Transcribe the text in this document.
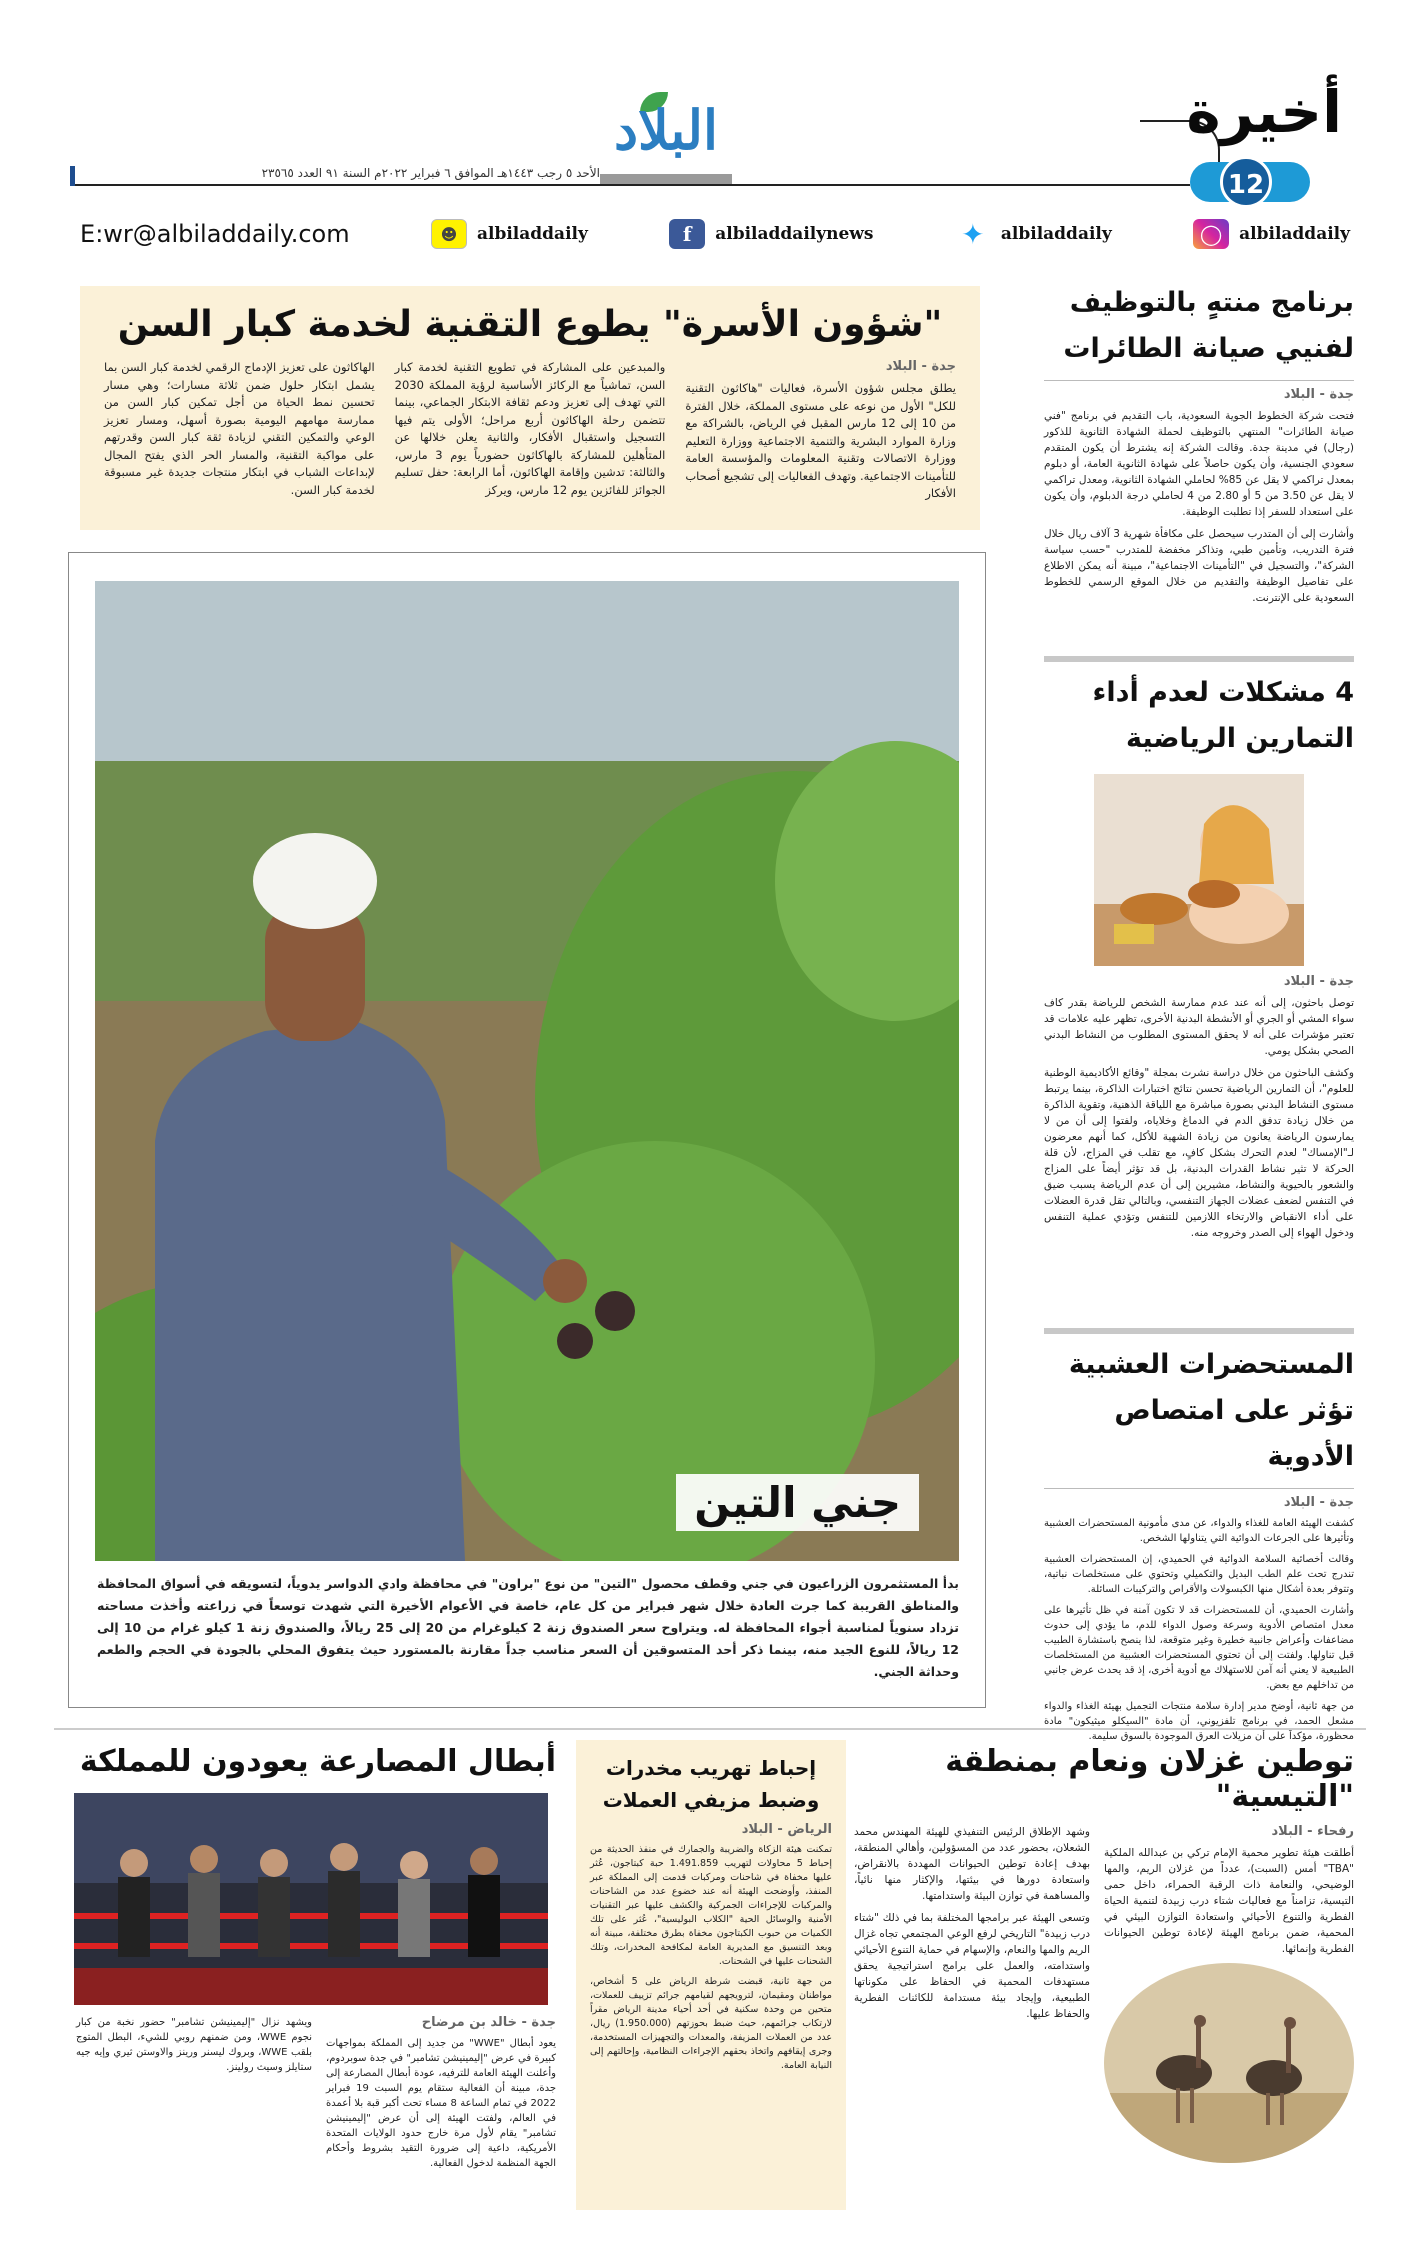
أخيرة
12
البلاد
الأحد ٥ رجب ١٤٤٣هـ الموافق ٦ فبراير ٢٠٢٢م السنة ٩١ العدد ٢٣٥٦٥
◯ albiladdaily
✦ albiladdaily
f	albiladdailynews
☻	albiladdaily
E:wr@albiladdaily.com
"شؤون الأسرة" يطوع التقنية لخدمة كبار السن
جدة - البلاد
يطلق مجلس شؤون الأسرة، فعاليات "هاكاثون التقنية للكل" الأول من نوعه على مستوى المملكة، خلال الفترة من 10 إلى 12 مارس المقبل في الرياض، بالشراكة مع وزارة الموارد البشرية والتنمية الاجتماعية ووزارة التعليم ووزارة الاتصالات وتقنية المعلومات والمؤسسة العامة للتأمينات الاجتماعية. وتهدف الفعاليات إلى تشجيع أصحاب الأفكار
والمبدعين على المشاركة في تطويع التقنية لخدمة كبار السن، تماشياً مع الركائز الأساسية لرؤية المملكة 2030 التي تهدف إلى تعزيز ودعم ثقافة الابتكار الجماعي، بينما تتضمن رحلة الهاكاثون أربع مراحل؛ الأولى يتم فيها التسجيل واستقبال الأفكار، والثانية يعلن خلالها عن المتأهلين للمشاركة بالهاكاثون حضورياً يوم 3 مارس، والثالثة: تدشين وإقامة الهاكاثون، أما الرابعة: حفل تسليم الجوائز للفائزين يوم 12 مارس، ويركز
الهاكاثون على تعزيز الإدماج الرقمي لخدمة كبار السن بما يشمل ابتكار حلول ضمن ثلاثة مسارات؛ وهي مسار تحسين نمط الحياة من أجل تمكين كبار السن من ممارسة مهامهم اليومية بصورة أسهل، ومسار تعزيز الوعي والتمكين التقني لزيادة ثقة كبار السن وقدرتهم على مواكبة التقنية، والمسار الحر الذي يفتح المجال لإبداعات الشباب في ابتكار منتجات جديدة غير مسبوقة لخدمة كبار السن.
جني التين
بدأ المستثمرون الزراعيون في جني وقطف محصول "التين" من نوع "براون" في محافظة وادي الدواسر يدوياً، لتسويقه في أسواق المحافظة والمناطق القريبة كما جرت العادة خلال شهر فبراير من كل عام، خاصة في الأعوام الأخيرة التي شهدت توسعاً في زراعته وأخذت مساحته تزداد سنوياً لمناسبة أجواء المحافظة له. ويتراوح سعر الصندوق زنة 2 كيلوغرام من 20 إلى 25 ريالاً، والصندوق زنة 1 كيلو غرام من 10 إلى 12 ريالاً، للنوع الجيد منه، بينما ذكر أحد المتسوقين أن السعر مناسب جداً مقارنة بالمستورد حيث يتفوق المحلي بالجودة في الحجم والطعم وحداثة الجني.
برنامج منتهٍ بالتوظيف لفنيي صيانة الطائرات
جدة - البلاد

فتحت شركة الخطوط الجوية السعودية، باب التقديم في برنامج "فني صيانة الطائرات" المنتهي بالتوظيف لحملة الشهادة الثانوية للذكور (رجال) في مدينة جدة. وقالت الشركة إنه يشترط أن يكون المتقدم سعودي الجنسية، وأن يكون حاصلاً على شهادة الثانوية العامة، أو دبلوم بمعدل تراكمي لا يقل عن 85% لحاملي الشهادة الثانوية، ومعدل تراكمي لا يقل عن 3.50 من 5 أو 2.80 من 4 لحاملي درجة الدبلوم، وأن يكون على استعداد للسفر إذا تطلبت الوظيفة.

وأشارت إلى أن المتدرب سيحصل على مكافأة شهرية 3 آلاف ريال خلال فترة التدريب، وتأمين طبي، وتذاكر مخفضة للمتدرب "حسب سياسة الشركة"، والتسجيل في "التأمينات الاجتماعية"، مبينة أنه يمكن الاطلاع على تفاصيل الوظيفة والتقديم من خلال الموقع الرسمي للخطوط السعودية على الإنترنت.

4 مشكلات لعدم أداء التمارين الرياضية
جدة - البلاد

توصل باحثون، إلى أنه عند عدم ممارسة الشخص للرياضة بقدر كاف سواء المشي أو الجري أو الأنشطة البدنية الأخرى، تظهر عليه علامات قد تعتبر مؤشرات على أنه لا يحقق المستوى المطلوب من النشاط البدني الصحي بشكل يومي.

وكشف الباحثون من خلال دراسة نشرت بمجلة "وقائع الأكاديمية الوطنية للعلوم"، أن التمارين الرياضية تحسن نتائج اختبارات الذاكرة، بينما يرتبط مستوى النشاط البدني بصورة مباشرة مع اللياقة الذهنية، وتقوية الذاكرة من خلال زيادة تدفق الدم في الدماغ وخلاياه، ولفتوا إلى أن من لا يمارسون الرياضة يعانون من زيادة الشهية للأكل، كما أنهم معرضون لـ"الإمساك" لعدم التحرك بشكل كافٍ، مع تقلب في المزاج، لأن قلة الحركة لا تثير نشاط القدرات البدنية، بل قد تؤثر أيضاً على المزاج والشعور بالحيوية والنشاط، مشيرين إلى أن عدم الرياضة يسبب ضيق في التنفس لضعف عضلات الجهاز التنفسي، وبالتالي تقل قدرة العضلات على أداء الانقباض والارتخاء اللازمين للتنفس وتؤدي عملية التنفس ودخول الهواء إلى الصدر وخروجه منه.

المستحضرات العشبية تؤثر على امتصاص الأدوية
جدة - البلاد

كشفت الهيئة العامة للغذاء والدواء، عن مدى مأمونية المستحضرات العشبية وتأثيرها على الجرعات الدوائية التي يتناولها الشخص.

وقالت أخصائية السلامة الدوائية في الحميدي، إن المستحضرات العشبية تندرج تحت علم الطب البديل والتكميلي وتحتوي على مستخلصات نباتية، وتتوفر بعدة أشكال منها الكبسولات والأقراص والتركيبات السائلة.

وأشارت الحميدي، أن للمستحضرات قد لا تكون آمنة في ظل تأثيرها على معدل امتصاص الأدوية وسرعة وصول الدواء للدم، ما يؤدي إلى حدوث مضاعفات وأعراض جانبية خطيرة وغير متوقعة، لذا ينصح باستشارة الطبيب قبل تناولها. ولفتت إلى أن تحتوي المستحضرات العشبية من المستخلصات الطبيعية لا يعني أنه آمن للاستهلاك مع أدوية أخرى، إذ قد يحدث عرض جانبي من تداخلهم مع بعض.

من جهة ثانية، أوضح مدير إدارة سلامة منتجات التجميل بهيئة الغذاء والدواء مشعل الحمد، في برنامج تلفزيوني، أن مادة "السيكلو ميثيكون" مادة محظورة، مؤكداً على أن مزيلات العرق الموجودة بالسوق سليمة.

توطين غزلان ونعام بمنطقة "التيسية"
رفحاء - البلاد

أطلقت هيئة تطوير محمية الإمام تركي بن عبدالله الملكية "TBA" أمس (السبت)، عدداً من غزلان الريم، والمها الوضيحي، والنعامة ذات الرقبة الحمراء، داخل حمى التيسية، تزامناً مع فعاليات شتاء درب زبيدة لتنمية الحياة الفطرية والتنوع الأحيائي واستعادة التوازن البيئي في المحمية، ضمن برنامج الهيئة لإعادة توطين الحيوانات الفطرية وإنمائها.

وشهد الإطلاق الرئيس التنفيذي للهيئة المهندس محمد الشعلان، بحضور عدد من المسؤولين، وأهالي المنطقة، بهدف إعادة توطين الحيوانات المهددة بالانقراض، واستعادة دورها في بيئتها، والإكثار منها نائياً، والمساهمة في توازن البيئة واستدامتها.

وتسعى الهيئة عبر برامجها المختلفة بما في ذلك "شتاء درب زبيدة" التاريخي لرفع الوعي المجتمعي تجاه غزال الريم والمها والنعام، والإسهام في حماية التنوع الأحيائي واستدامته، والعمل على برامج استراتيجية يحقق مستهدفات المحمية في الحفاظ على مكوناتها الطبيعية، وإيجاد بيئة مستدامة للكائنات الفطرية والحفاظ عليها.

إحباط تهريب مخدرات وضبط مزيفي العملات
الرياض - البلاد

تمكنت هيئة الزكاة والضريبة والجمارك في منفذ الحديثة من إحباط 5 محاولات لتهريب 1.491.859 حبة كبتاجون، عُثر عليها مخفاة في شاحنات ومركبات قدمت إلى المملكة عبر المنفذ، وأوضحت الهيئة أنه عند خضوع عدد من الشاحنات والمركبات للإجراءات الجمركية والكشف عليها عبر التقنيات الأمنية والوسائل الحية "الكلاب البوليسية"، عُثر على تلك الكميات من حبوب الكبتاجون مخفاة بطرق مختلفة، مبينة أنه وبعد التنسيق مع المديرية العامة لمكافحة المخدرات، وتلك الشحنات عليها في الشحنات.

من جهة ثانية، قبضت شرطة الرياض على 5 أشخاص، مواطنان ومقيمان، لترويجهم لقيامهم جرائم تزييف للعملات، متحين من وحدة سكنية في أحد أحياء مدينة الرياض مقراً لارتكاب جرائمهم، حيث ضبط بحوزتهم (1.950.000) ريال، عدد من العملات المزيفة، والمعدات والتجهيزات المستخدمة، وجرى إيقافهم واتخاذ بحقهم الإجراءات النظامية، وإحالتهم إلى النيابة العامة.

أبطال المصارعة يعودون للمملكة
جدة - خالد بن مرضاح

يعود أبطال "WWE" من جديد إلى المملكة بمواجهات كبيرة في عرض "إليمينيشن تشامبر" في جدة سوبردوم، وأعلنت الهيئة العامة للترفيه، عودة أبطال المصارعة إلى جدة، مبينة أن الفعالية ستقام يوم السبت 19 فبراير 2022 في تمام الساعة 8 مساء تحت أكبر قبة بلا أعمدة في العالم، ولفتت الهيئة إلى أن عرض "إليمينيشن تشامبر" يقام لأول مرة خارج حدود الولايات المتحدة الأمريكية، داعية إلى ضرورة التقيد بشروط وأحكام الجهة المنظمة لدخول الفعالية.

ويشهد نزال "إليمينيشن تشامبر" حضور نخبة من كبار نجوم WWE، ومن ضمنهم روبي للشيء، البطل المتوج بلقب WWE، وبروك ليسنر ورينز والاوستن ثيري وإيه جيه ستايلز وسيث رولينز.
